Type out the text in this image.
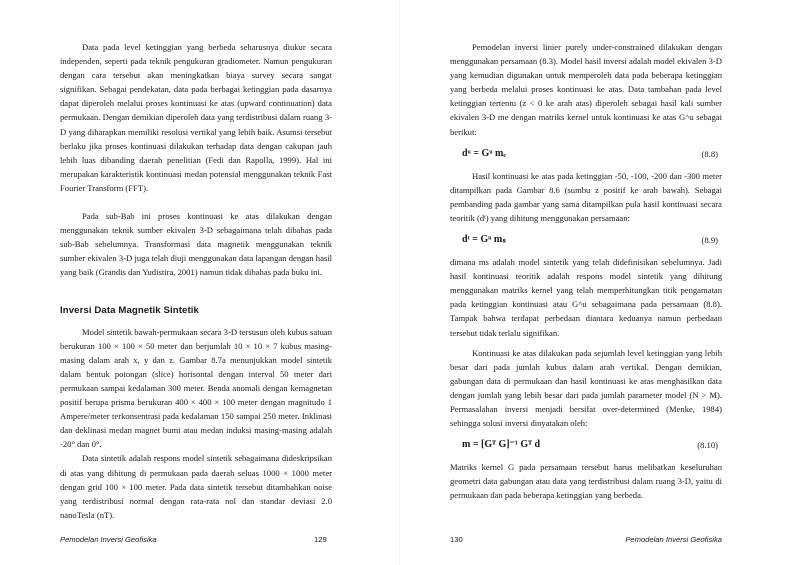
Data pada level ketinggian yang berbeda seharusnya diukur secara independen, seperti pada teknik pengukuran gradiometer. Namun pengukuran dengan cara tersebut akan meningkatkan biaya survey secara sangat signifikan. Sebagai pendekatan, data pada berbagai ketinggian pada dasarnya dapat diperoleh melalui proses kontinuasi ke atas (upward continuation) data permukaan. Dengan demikian diperoleh data yang terdistribusi dalam ruang 3-D yang diharapkan memiliki resolusi vertikal yang lebih baik. Asumsi tersebut berlaku jika proses kontinuasi dilakukan terhadap data dengan cakupan jauh lebih luas dibanding daerah penelitian (Fedi dan Rapolla, 1999). Hal ini merupakan karakteristik kontinuasi medan potensial menggunakan teknik Fast Fourier Transform (FFT).

Pada sub-Bab ini proses kontinuasi ke atas dilakukan dengan menggunakan teknik sumber ekivalen 3-D sebagaimana telah dibahas pada sub-Bab sebelumnya. Transformasi data magnetik menggunakan teknik sumber ekivalen 3-D juga telah diuji menggunakan data lapangan dengan hasil yang baik (Grandis dan Yudistira, 2001) namun tidak dibahas pada buku ini.

Inversi Data Magnetik Sintetik

Model sintetik bawah-permukaan secara 3-D tersusun oleh kubus satuan berukuran 100 × 100 × 50 meter dan berjumlah 10 × 10 × 7 kubus masing-masing dalam arah x, y dan z. Gambar 8.7a menunjukkan model sintetik dalam bentuk potongan (slice) horisontal dengan interval 50 meter dari permukaan sampai kedalaman 300 meter. Benda anomali dengan kemagnetan positif berupa prisma berukuran 400 × 400 × 100 meter dengan magnitudo 1 Ampere/meter terkonsentrasi pada kedalaman 150 sampai 250 meter. Inklinasi dan deklinasi medan magnet bumi atau medan induksi masing-masing adalah -20° dan 0°.

Data sintetik adalah respons model sintetik sebagaimana dideskripsikan di atas yang dihitung di permukaan pada daerah seluas 1000 × 1000 meter dengan grid 100 × 100 meter. Pada data sintetik tersebut ditambahkan noise yang terdistribusi normal dengan rata-rata nol dan standar deviasi 2.0 nanoTesla (nT).

Pemodelan Inversi Geofisika	129

Pemodelan inversi linier purely under-constrained dilakukan dengan menggunakan persamaan (8.3). Model hasil inversi adalah model ekivalen 3-D yang kemudian digunakan untuk memperoleh data pada beberapa ketinggian yang berbeda melalui proses kontinuasi ke atas. Data tambahan pada level ketinggian tertentu (z < 0 ke arah atas) diperoleh sebagai hasil kali sumber ekivalen 3-D me dengan matriks kernel untuk kontinuasi ke atas G^u sebagai berikut:

dᵘ = Gᵘ mₑ	(8.8)

Hasil kontinuasi ke atas pada ketinggian -50, -100, -200 dan -300 meter ditampilkan pada Gambar 8.6 (sumbu z positif ke arah bawah). Sebagai pembanding pada gambar yang sama ditampilkan pula hasil kontinuasi secara teoritik (dᵗ) yang dihitung menggunakan persamaan:

dᵗ = Gᵘ mₛ	(8.9)

dimana ms adalah model sintetik yang telah didefinisikan sebelumnya. Jadi hasil kontinuasi teoritik adalah respons model sintetik yang dihitung menggunakan matriks kernel yang telah memperhitungkan titik pengamatan pada ketinggian kontinuasi atau G^u sebagaimana pada persamaan (8.8). Tampak bahwa terdapat perbedaan diantara keduanya namun perbedaan tersebut tidak terlalu signifikan.

Kontinuasi ke atas dilakukan pada sejumlah level ketinggian yang lebih besar dari pada jumlah kubus dalam arah vertikal. Dengan demikian, gabungan data di permukaan dan hasil kontinuasi ke atas menghasilkan data dengan jumlah yang lebih besar dari pada jumlah parameter model (N > M). Permasalahan inversi menjadi bersifat over-determined (Menke, 1984) sehingga solusi inversi dinyatakan oleh:

m = [Gᵀ G]⁻¹ Gᵀ d	(8.10)

Matriks kernel G pada persamaan tersebut harus melibatkan keseluruhan geometri data gabungan atau data yang terdistribusi dalam ruang 3-D, yaitu di permukaan dan pada beberapa ketinggian yang berbeda.

130	Pemodelan Inversi Geofisika
